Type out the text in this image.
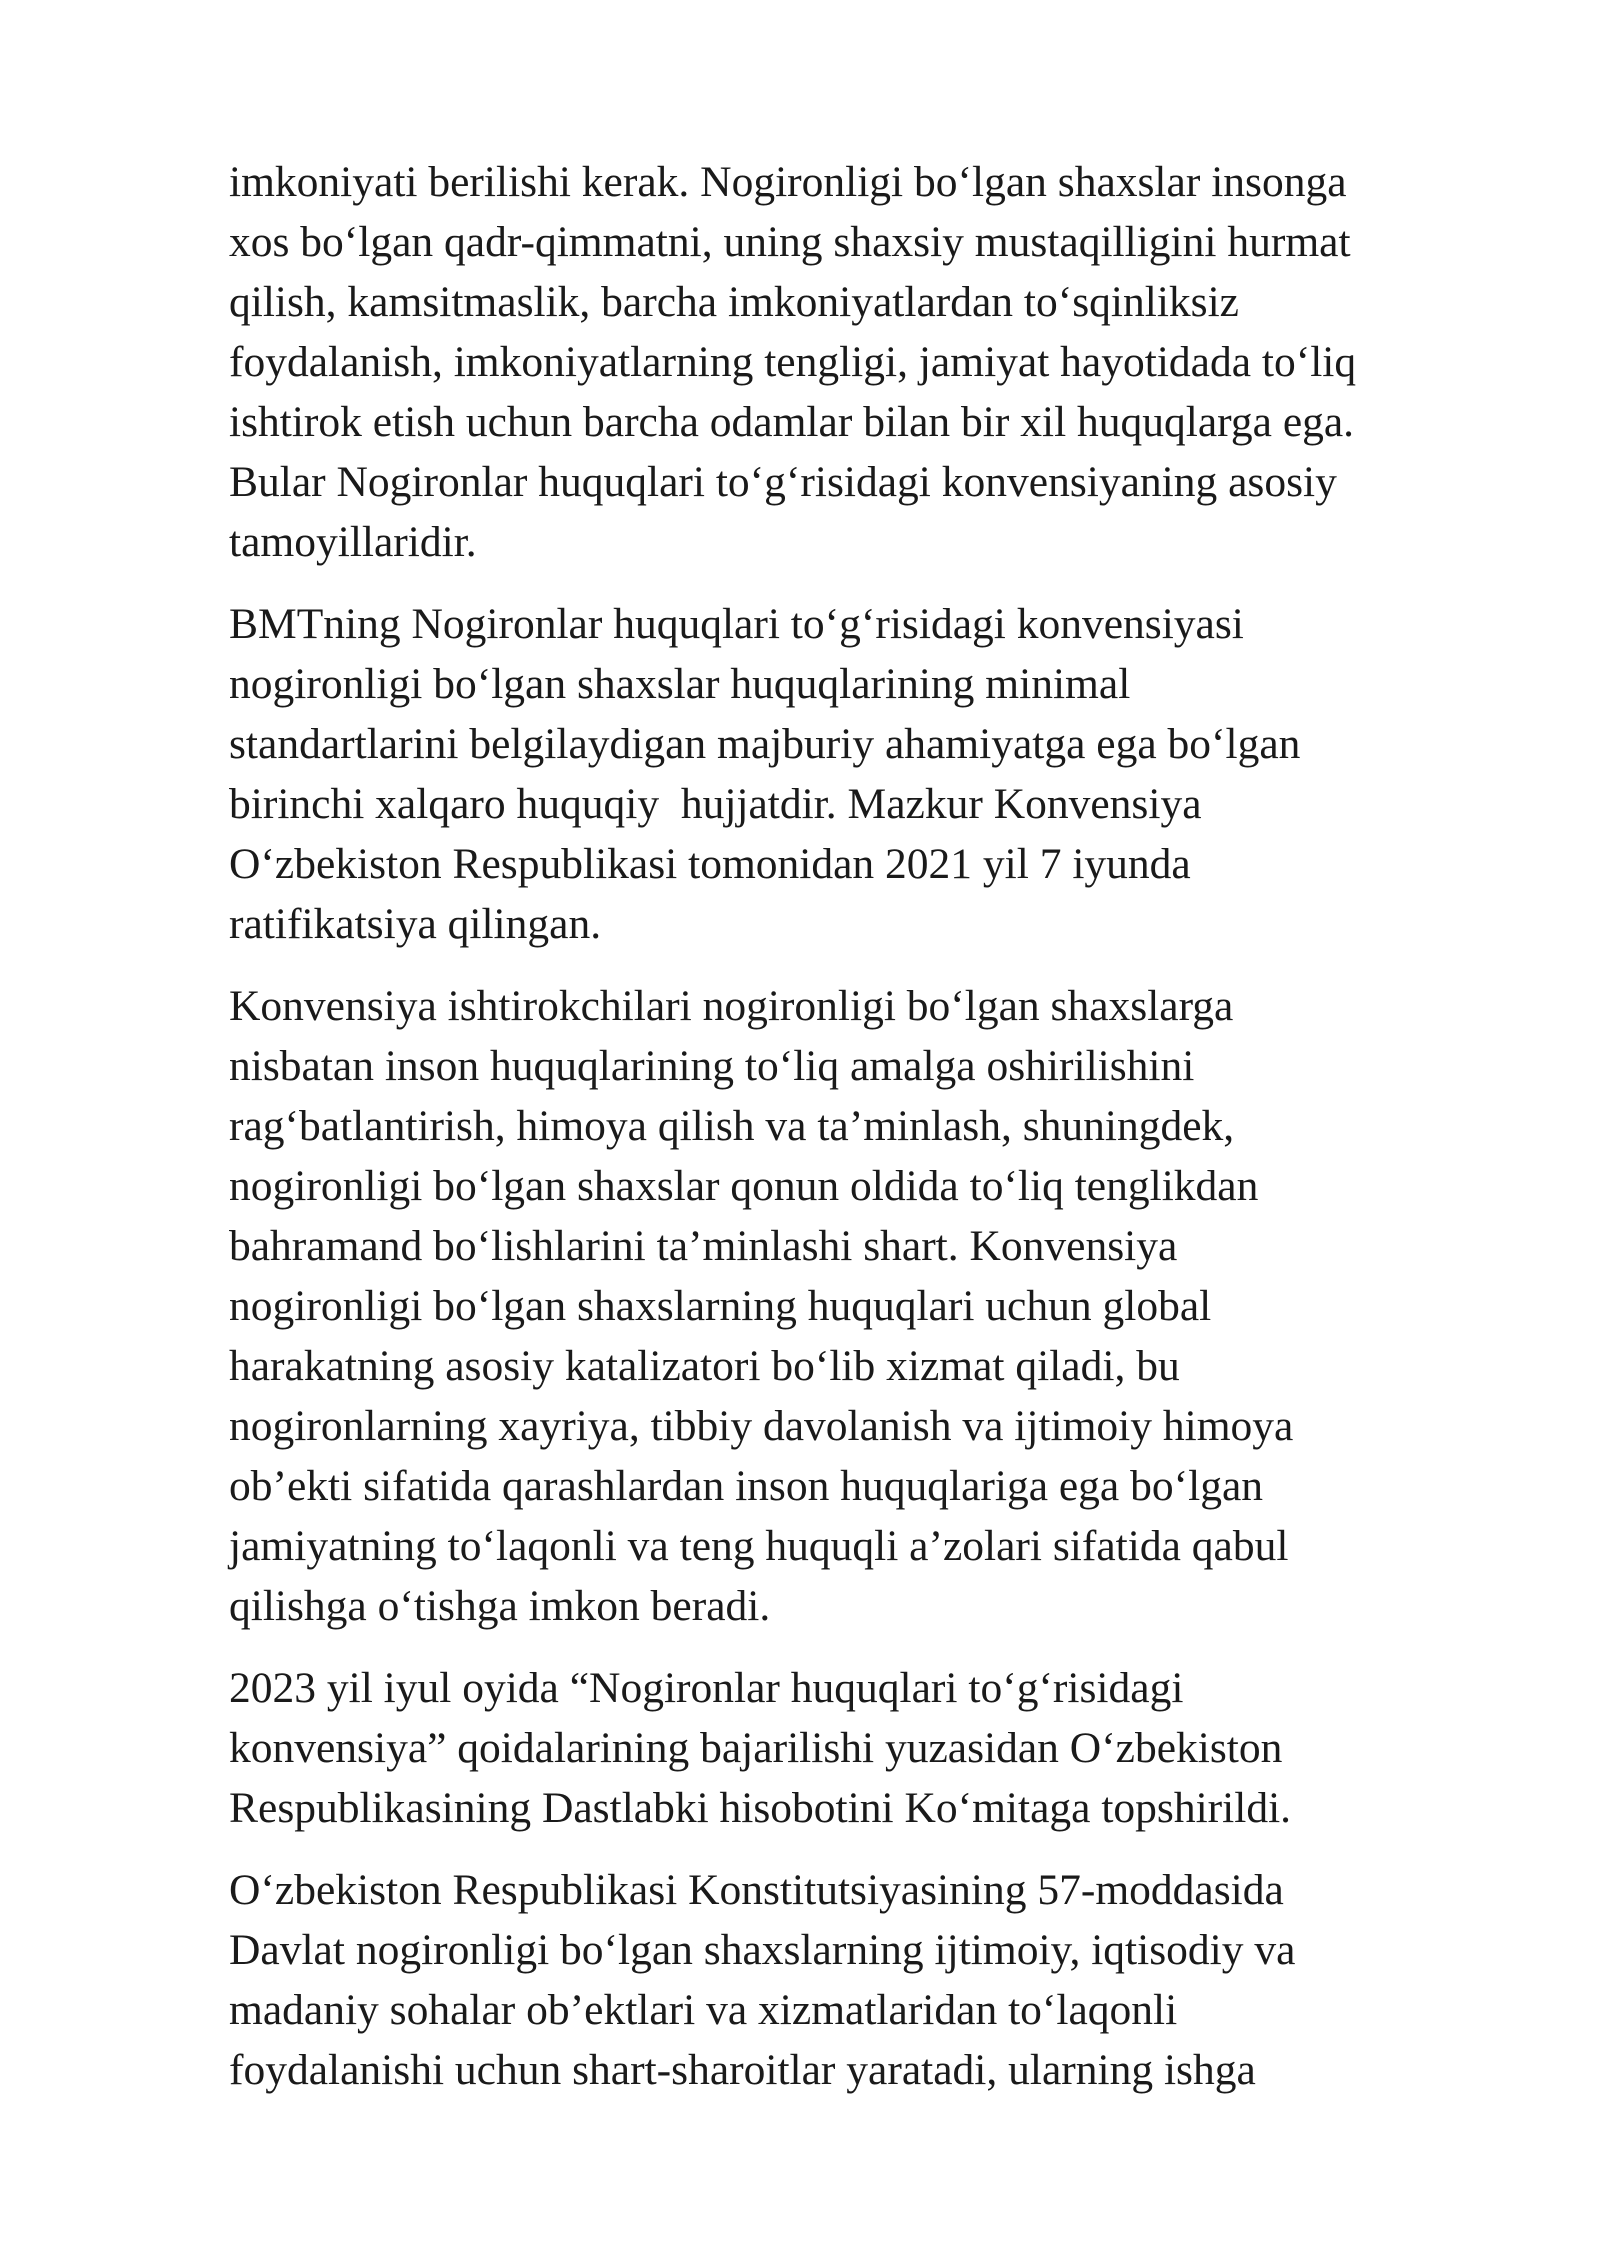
imkoniyati berilishi kerak. Nogironligi bo‘lgan shaxslar insonga
xos bo‘lgan qadr-qimmatni, uning shaxsiy mustaqilligini hurmat
qilish, kamsitmaslik, barcha imkoniyatlardan to‘sqinliksiz
foydalanish, imkoniyatlarning tengligi, jamiyat hayotidada to‘liq
ishtirok etish uchun barcha odamlar bilan bir xil huquqlarga ega.
Bular Nogironlar huquqlari to‘g‘risidagi konvensiyaning asosiy
tamoyillaridir.
BMTning Nogironlar huquqlari to‘g‘risidagi konvensiyasi
nogironligi bo‘lgan shaxslar huquqlarining minimal
standartlarini belgilaydigan majburiy ahamiyatga ega bo‘lgan
birinchi xalqaro huquqiy  hujjatdir. Mazkur Konvensiya
O‘zbekiston Respublikasi tomonidan 2021 yil 7 iyunda
ratifikatsiya qilingan.
Konvensiya ishtirokchilari nogironligi bo‘lgan shaxslarga
nisbatan inson huquqlarining to‘liq amalga oshirilishini
rag‘batlantirish, himoya qilish va ta’minlash, shuningdek,
nogironligi bo‘lgan shaxslar qonun oldida to‘liq tenglikdan
bahramand bo‘lishlarini ta’minlashi shart. Konvensiya
nogironligi bo‘lgan shaxslarning huquqlari uchun global
harakatning asosiy katalizatori bo‘lib xizmat qiladi, bu
nogironlarning xayriya, tibbiy davolanish va ijtimoiy himoya
ob’ekti sifatida qarashlardan inson huquqlariga ega bo‘lgan
jamiyatning to‘laqonli va teng huquqli a’zolari sifatida qabul
qilishga o‘tishga imkon beradi.
2023 yil iyul oyida “Nogironlar huquqlari to‘g‘risidagi
konvensiya” qoidalarining bajarilishi yuzasidan O‘zbekiston
Respublikasining Dastlabki hisobotini Ko‘mitaga topshirildi.
O‘zbekiston Respublikasi Konstitutsiyasining 57-moddasida
Davlat nogironligi bo‘lgan shaxslarning ijtimoiy, iqtisodiy va
madaniy sohalar ob’ektlari va xizmatlaridan to‘laqonli
foydalanishi uchun shart-sharoitlar yaratadi, ularning ishga
